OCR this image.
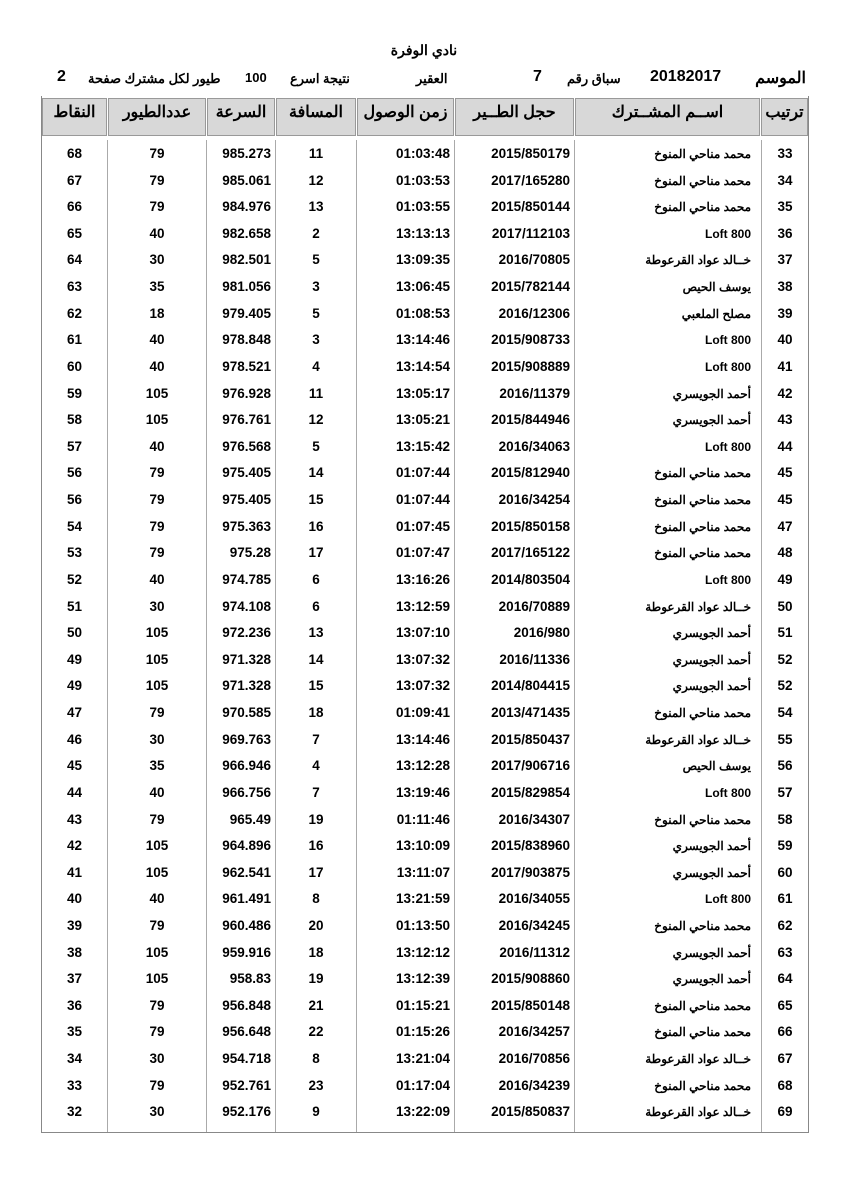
نادي الوفرة
الموسم
20182017
سباق رقم
7
العقير
نتيجة اسرع
100
طيور لكل مشترك صفحة
2
النقاط	عددالطيور	السرعة	المسافة	زمن الوصول	حجل الطــير	اســم المشــترك	ترتيب
68	79	985.273	11	01:03:48	2015/850179	محمد مناحي المنوخ	33
67	79	985.061	12	01:03:53	2017/165280	محمد مناحي المنوخ	34
66	79	984.976	13	01:03:55	2015/850144	محمد مناحي المنوخ	35
65	40	982.658	2	13:13:13	2017/112103	Loft 800	36
64	30	982.501	5	13:09:35	2016/70805	خــالد عواد القرعوطة	37
63	35	981.056	3	13:06:45	2015/782144	يوسف الحيص	38
62	18	979.405	5	01:08:53	2016/12306	مصلح الملعبي	39
61	40	978.848	3	13:14:46	2015/908733	Loft 800	40
60	40	978.521	4	13:14:54	2015/908889	Loft 800	41
59	105	976.928	11	13:05:17	2016/11379	أحمد الجويسري	42
58	105	976.761	12	13:05:21	2015/844946	أحمد الجويسري	43
57	40	976.568	5	13:15:42	2016/34063	Loft 800	44
56	79	975.405	14	01:07:44	2015/812940	محمد مناحي المنوخ	45
56	79	975.405	15	01:07:44	2016/34254	محمد مناحي المنوخ	45
54	79	975.363	16	01:07:45	2015/850158	محمد مناحي المنوخ	47
53	79	975.28	17	01:07:47	2017/165122	محمد مناحي المنوخ	48
52	40	974.785	6	13:16:26	2014/803504	Loft 800	49
51	30	974.108	6	13:12:59	2016/70889	خــالد عواد القرعوطة	50
50	105	972.236	13	13:07:10	2016/980	أحمد الجويسري	51
49	105	971.328	14	13:07:32	2016/11336	أحمد الجويسري	52
49	105	971.328	15	13:07:32	2014/804415	أحمد الجويسري	52
47	79	970.585	18	01:09:41	2013/471435	محمد مناحي المنوخ	54
46	30	969.763	7	13:14:46	2015/850437	خــالد عواد القرعوطة	55
45	35	966.946	4	13:12:28	2017/906716	يوسف الحيص	56
44	40	966.756	7	13:19:46	2015/829854	Loft 800	57
43	79	965.49	19	01:11:46	2016/34307	محمد مناحي المنوخ	58
42	105	964.896	16	13:10:09	2015/838960	أحمد الجويسري	59
41	105	962.541	17	13:11:07	2017/903875	أحمد الجويسري	60
40	40	961.491	8	13:21:59	2016/34055	Loft 800	61
39	79	960.486	20	01:13:50	2016/34245	محمد مناحي المنوخ	62
38	105	959.916	18	13:12:12	2016/11312	أحمد الجويسري	63
37	105	958.83	19	13:12:39	2015/908860	أحمد الجويسري	64
36	79	956.848	21	01:15:21	2015/850148	محمد مناحي المنوخ	65
35	79	956.648	22	01:15:26	2016/34257	محمد مناحي المنوخ	66
34	30	954.718	8	13:21:04	2016/70856	خــالد عواد القرعوطة	67
33	79	952.761	23	01:17:04	2016/34239	محمد مناحي المنوخ	68
32	30	952.176	9	13:22:09	2015/850837	خــالد عواد القرعوطة	69
